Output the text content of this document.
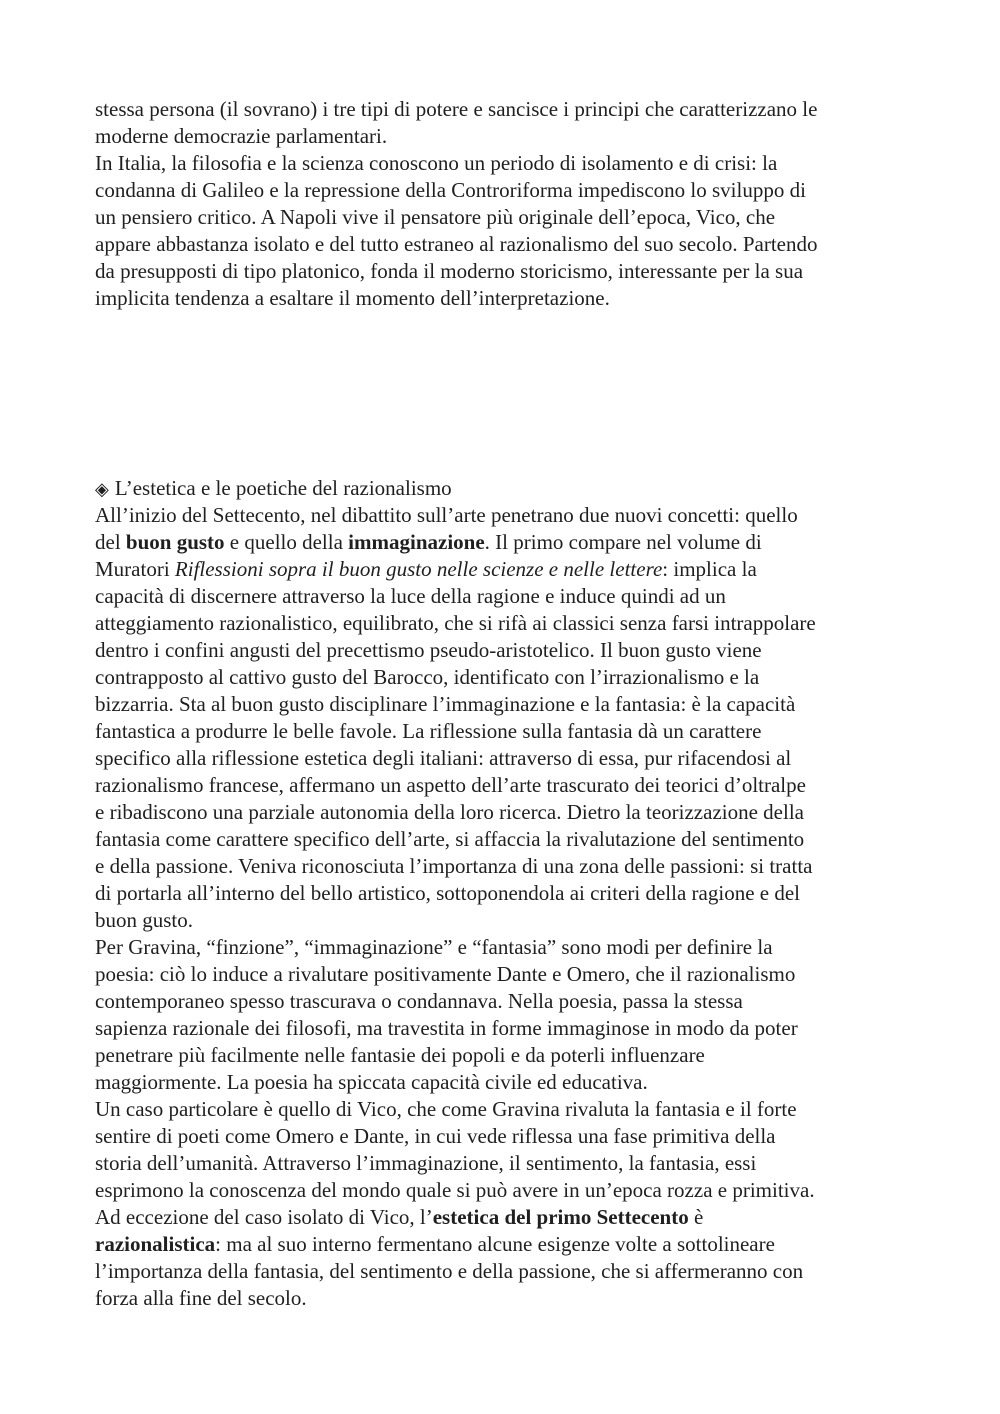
stessa persona (il sovrano) i tre tipi di potere e sancisce i principi che caratterizzano le
moderne democrazie parlamentari.
In Italia, la filosofia e la scienza conoscono un periodo di isolamento e di crisi: la
condanna di Galileo e la repressione della Controriforma impediscono lo sviluppo di
un pensiero critico. A Napoli vive il pensatore più originale dell’epoca, Vico, che
appare abbastanza isolato e del tutto estraneo al razionalismo del suo secolo. Partendo
da presupposti di tipo platonico, fonda il moderno storicismo, interessante per la sua
implicita tendenza a esaltare il momento dell’interpretazione.
◈ L’estetica e le poetiche del razionalismo
All’inizio del Settecento, nel dibattito sull’arte penetrano due nuovi concetti: quello
del buon gusto e quello della immaginazione. Il primo compare nel volume di
Muratori Riflessioni sopra il buon gusto nelle scienze e nelle lettere: implica la
capacità di discernere attraverso la luce della ragione e induce quindi ad un
atteggiamento razionalistico, equilibrato, che si rifà ai classici senza farsi intrappolare
dentro i confini angusti del precettismo pseudo-aristotelico. Il buon gusto viene
contrapposto al cattivo gusto del Barocco, identificato con l’irrazionalismo e la
bizzarria. Sta al buon gusto disciplinare l’immaginazione e la fantasia: è la capacità
fantastica a produrre le belle favole. La riflessione sulla fantasia dà un carattere
specifico alla riflessione estetica degli italiani: attraverso di essa, pur rifacendosi al
razionalismo francese, affermano un aspetto dell’arte trascurato dei teorici d’oltralpe
e ribadiscono una parziale autonomia della loro ricerca. Dietro la teorizzazione della
fantasia come carattere specifico dell’arte, si affaccia la rivalutazione del sentimento
e della passione. Veniva riconosciuta l’importanza di una zona delle passioni: si tratta
di portarla all’interno del bello artistico, sottoponendola ai criteri della ragione e del
buon gusto.
Per Gravina, “finzione”, “immaginazione” e “fantasia” sono modi per definire la
poesia: ciò lo induce a rivalutare positivamente Dante e Omero, che il razionalismo
contemporaneo spesso trascurava o condannava. Nella poesia, passa la stessa
sapienza razionale dei filosofi, ma travestita in forme immaginose in modo da poter
penetrare più facilmente nelle fantasie dei popoli e da poterli influenzare
maggiormente. La poesia ha spiccata capacità civile ed educativa.
Un caso particolare è quello di Vico, che come Gravina rivaluta la fantasia e il forte
sentire di poeti come Omero e Dante, in cui vede riflessa una fase primitiva della
storia dell’umanità. Attraverso l’immaginazione, il sentimento, la fantasia, essi
esprimono la conoscenza del mondo quale si può avere in un’epoca rozza e primitiva.
Ad eccezione del caso isolato di Vico, l’estetica del primo Settecento è
razionalistica: ma al suo interno fermentano alcune esigenze volte a sottolineare
l’importanza della fantasia, del sentimento e della passione, che si affermeranno con
forza alla fine del secolo.
